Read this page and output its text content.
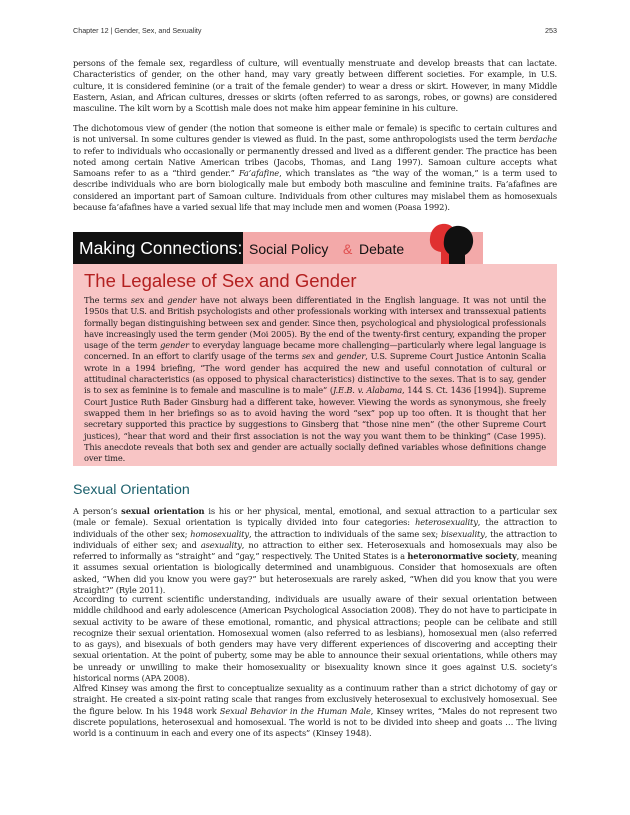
Chapter 12 | Gender, Sex, and Sexuality	253

persons of the female sex, regardless of culture, will eventually menstruate and develop breasts that can lactate. Characteristics of gender, on the other hand, may vary greatly between different societies. For example, in U.S. culture, it is considered feminine (or a trait of the female gender) to wear a dress or skirt. However, in many Middle Eastern, Asian, and African cultures, dresses or skirts (often referred to as sarongs, robes, or gowns) are considered masculine. The kilt worn by a Scottish male does not make him appear feminine in his culture.

The dichotomous view of gender (the notion that someone is either male or female) is specific to certain cultures and is not universal. In some cultures gender is viewed as fluid. In the past, some anthropologists used the term berdache to refer to individuals who occasionally or permanently dressed and lived as a different gender. The practice has been noted among certain Native American tribes (Jacobs, Thomas, and Lang 1997). Samoan culture accepts what Samoans refer to as a “third gender.” Fa’afafine, which translates as “the way of the woman,” is a term used to describe individuals who are born biologically male but embody both masculine and feminine traits. Fa’afafines are considered an important part of Samoan culture. Individuals from other cultures may mislabel them as homosexuals because fa’afafines have a varied sexual life that may include men and women (Poasa 1992).

Making Connections: Social Policy & Debate
The Legalese of Sex and Gender

The terms sex and gender have not always been differentiated in the English language. It was not until the 1950s that U.S. and British psychologists and other professionals working with intersex and transsexual patients formally began distinguishing between sex and gender. Since then, psychological and physiological professionals have increasingly used the term gender (Moi 2005). By the end of the twenty-first century, expanding the proper usage of the term gender to everyday language became more challenging—particularly where legal language is concerned. In an effort to clarify usage of the terms sex and gender, U.S. Supreme Court Justice Antonin Scalia wrote in a 1994 briefing, “The word gender has acquired the new and useful connotation of cultural or attitudinal characteristics (as opposed to physical characteristics) distinctive to the sexes. That is to say, gender is to sex as feminine is to female and masculine is to male” (J.E.B. v. Alabama, 144 S. Ct. 1436 [1994]). Supreme Court Justice Ruth Bader Ginsburg had a different take, however. Viewing the words as synonymous, she freely swapped them in her briefings so as to avoid having the word “sex” pop up too often. It is thought that her secretary supported this practice by suggestions to Ginsberg that “those nine men” (the other Supreme Court justices), “hear that word and their first association is not the way you want them to be thinking” (Case 1995). This anecdote reveals that both sex and gender are actually socially defined variables whose definitions change over time.

Sexual Orientation

A person’s sexual orientation is his or her physical, mental, emotional, and sexual attraction to a particular sex (male or female). Sexual orientation is typically divided into four categories: heterosexuality, the attraction to individuals of the other sex; homosexuality, the attraction to individuals of the same sex; bisexuality, the attraction to individuals of either sex; and asexuality, no attraction to either sex. Heterosexuals and homosexuals may also be referred to informally as “straight” and “gay,” respectively. The United States is a heteronormative society, meaning it assumes sexual orientation is biologically determined and unambiguous. Consider that homosexuals are often asked, “When did you know you were gay?” but heterosexuals are rarely asked, “When did you know that you were straight?” (Ryle 2011).

According to current scientific understanding, individuals are usually aware of their sexual orientation between middle childhood and early adolescence (American Psychological Association 2008). They do not have to participate in sexual activity to be aware of these emotional, romantic, and physical attractions; people can be celibate and still recognize their sexual orientation. Homosexual women (also referred to as lesbians), homosexual men (also referred to as gays), and bisexuals of both genders may have very different experiences of discovering and accepting their sexual orientation. At the point of puberty, some may be able to announce their sexual orientations, while others may be unready or unwilling to make their homosexuality or bisexuality known since it goes against U.S. society’s historical norms (APA 2008).

Alfred Kinsey was among the first to conceptualize sexuality as a continuum rather than a strict dichotomy of gay or straight. He created a six-point rating scale that ranges from exclusively heterosexual to exclusively homosexual. See the figure below. In his 1948 work Sexual Behavior in the Human Male, Kinsey writes, “Males do not represent two discrete populations, heterosexual and homosexual. The world is not to be divided into sheep and goats … The living world is a continuum in each and every one of its aspects” (Kinsey 1948).
